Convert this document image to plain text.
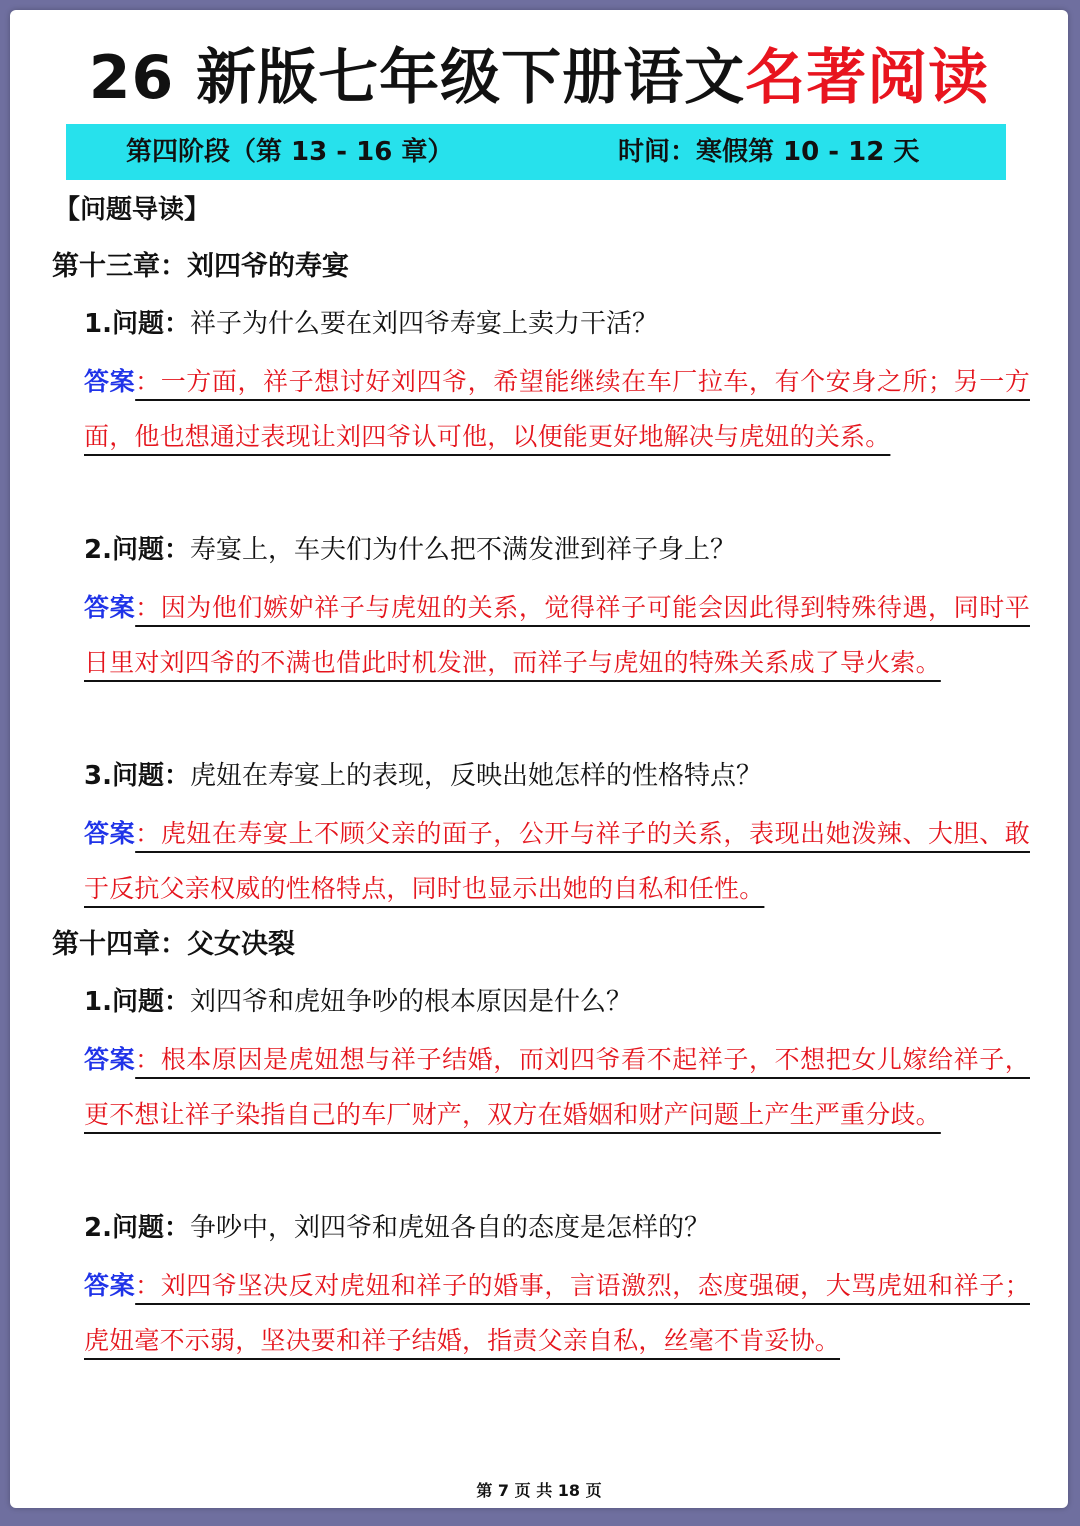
26 新版七年级下册语文名著阅读
第四阶段（第 13 - 16 章）	时间：寒假第 10 - 12 天
【问题导读】
第十三章：刘四爷的寿宴
1.问题：祥子为什么要在刘四爷寿宴上卖力干活？
答案：一方面，祥子想讨好刘四爷，希望能继续在车厂拉车，有个安身之所；另一方面，他也想通过表现让刘四爷认可他，以便能更好地解决与虎妞的关系。
2.问题：寿宴上，车夫们为什么把不满发泄到祥子身上？
答案：因为他们嫉妒祥子与虎妞的关系，觉得祥子可能会因此得到特殊待遇，同时平日里对刘四爷的不满也借此时机发泄，而祥子与虎妞的特殊关系成了导火索。
3.问题：虎妞在寿宴上的表现，反映出她怎样的性格特点？
答案：虎妞在寿宴上不顾父亲的面子，公开与祥子的关系，表现出她泼辣、大胆、敢于反抗父亲权威的性格特点，同时也显示出她的自私和任性。
第十四章：父女决裂
1.问题：刘四爷和虎妞争吵的根本原因是什么？
答案：根本原因是虎妞想与祥子结婚，而刘四爷看不起祥子，不想把女儿嫁给祥子，更不想让祥子染指自己的车厂财产，双方在婚姻和财产问题上产生严重分歧。
2.问题：争吵中，刘四爷和虎妞各自的态度是怎样的？
答案：刘四爷坚决反对虎妞和祥子的婚事，言语激烈，态度强硬，大骂虎妞和祥子；虎妞毫不示弱，坚决要和祥子结婚，指责父亲自私，丝毫不肯妥协。
第 7 页 共 18 页
